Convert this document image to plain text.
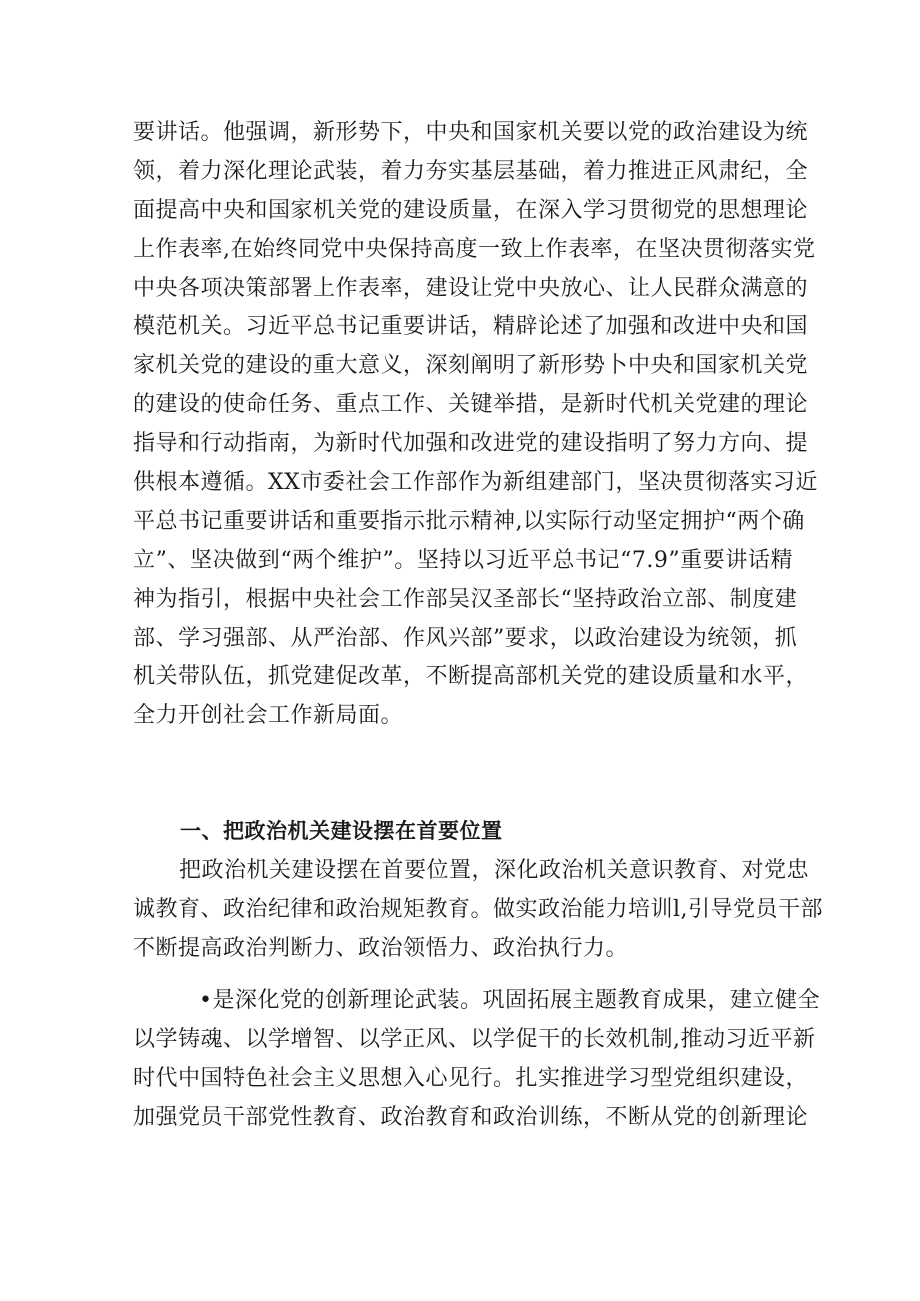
要讲话。他强调，新形势下，中央和国家机关要以党的政治建设为统
领，着力深化理论武装，着力夯实基层基础，着力推进正风肃纪，全
面提高中央和国家机关党的建设质量，在深入学习贯彻党的思想理论
上作表率,在始终同党中央保持高度一致上作表率，在坚决贯彻落实党
中央各项决策部署上作表率，建设让党中央放心、让人民群众满意的
模范机关。习近平总书记重要讲话，精辟论述了加强和改进中央和国
家机关党的建设的重大意义，深刻阐明了新形势卜中央和国家机关党
的建设的使命任务、重点工作、关键举措，是新时代机关党建的理论
指导和行动指南，为新时代加强和改进党的建设指明了努力方向、提
供根本遵循。XX市委社会工作部作为新组建部门，坚决贯彻落实习近
平总书记重要讲话和重要指示批示精神,以实际行动坚定拥护“两个确
立”、坚决做到“两个维护”。坚持以习近平总书记“7.9”重要讲话精
神为指引，根据中央社会工作部吴汉圣部长“坚持政治立部、制度建
部、学习强部、从严治部、作风兴部”要求，以政治建设为统领，抓
机关带队伍，抓党建促改革，不断提高部机关党的建设质量和水平，
全力开创社会工作新局面。
一、把政治机关建设摆在首要位置
把政治机关建设摆在首要位置，深化政治机关意识教育、对党忠
诚教育、政治纪律和政治规矩教育。做实政治能力培训l,引导党员干部
不断提高政治判断力、政治领悟力、政治执行力。
•是深化党的创新理论武装。巩固拓展主题教育成果，建立健全
以学铸魂、以学增智、以学正风、以学促干的长效机制,推动习近平新
时代中国特色社会主义思想入心见行。扎实推进学习型党组织建设，
加强党员干部党性教育、政治教育和政治训练，不断从党的创新理论
